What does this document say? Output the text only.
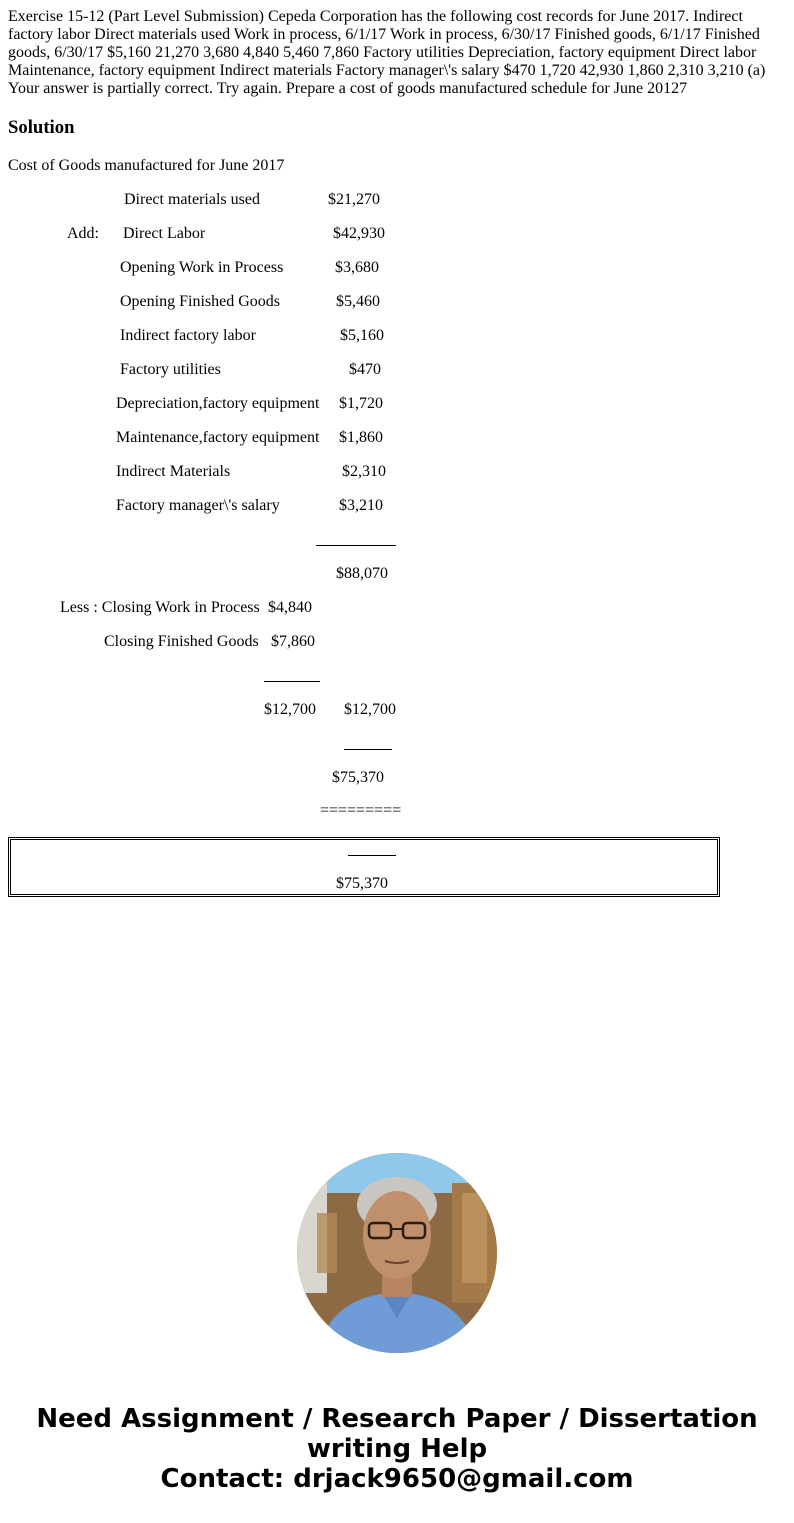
Exercise 15-12 (Part Level Submission) Cepeda Corporation has the following cost records for June 2017. Indirect factory labor Direct materials used Work in process, 6/1/17 Work in process, 6/30/17 Finished goods, 6/1/17 Finished goods, 6/30/17 $5,160 21,270 3,680 4,840 5,460 7,860 Factory utilities Depreciation, factory equipment Direct labor Maintenance, factory equipment Indirect materials Factory manager\'s salary $470 1,720 42,930 1,860 2,310 3,210 (a) Your answer is partially correct. Try again. Prepare a cost of goods manufactured schedule for June 20127

Solution
Cost of Goods manufactured for June 2017
Direct materials used	$21,270
Add: Direct Labor	$42,930
Opening Work in Process	$3,680
Opening Finished Goods	$5,460
Indirect factory labor	$5,160
Factory utilities	$470
Depreciation,factory equipment $1,720
Maintenance,factory equipment $1,860
Indirect Materials	$2,310
Factory manager\'s salary	$3,210
$88,070
Less : Closing Work in Process $4,840
Closing Finished Goods $7,860
$12,700 $12,700
$75,370
=========
$75,370
Need Assignment / Research Paper / Dissertation
writing Help
Contact: drjack9650@gmail.com
